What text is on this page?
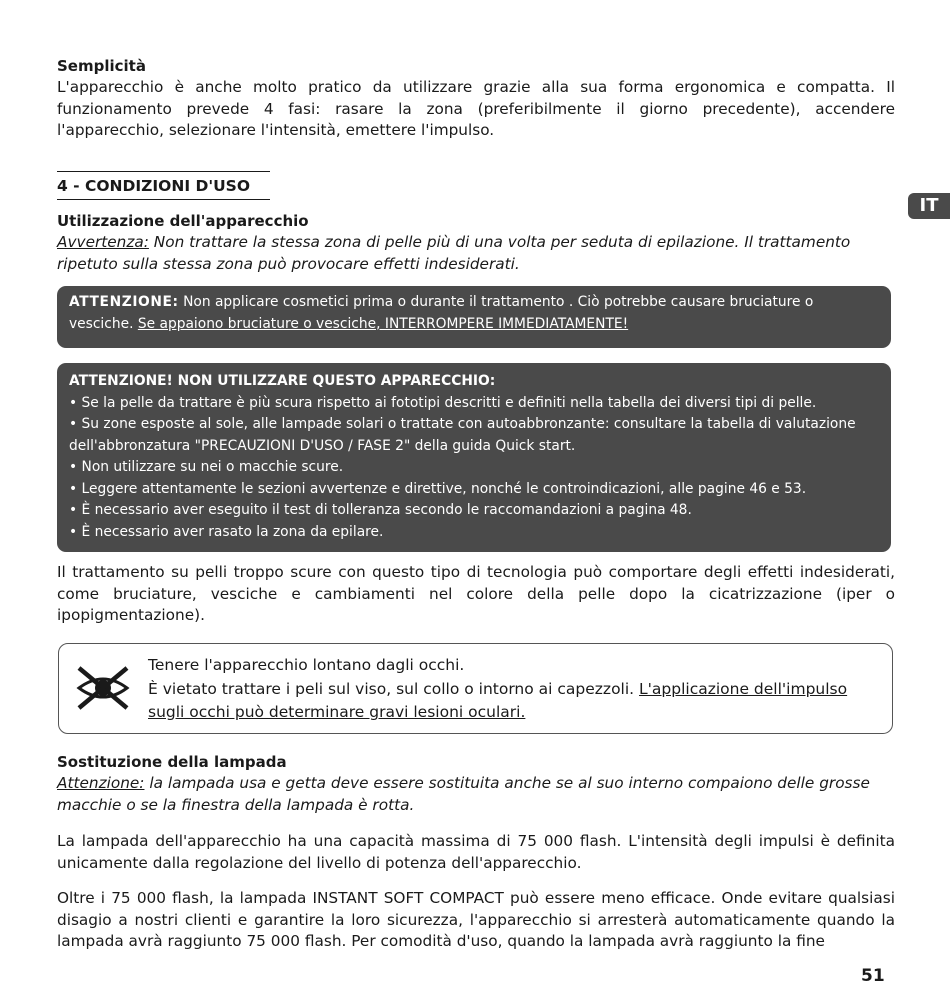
IT
Semplicità
L'apparecchio è anche molto pratico da utilizzare grazie alla sua forma ergonomica e compatta. Il funzionamento prevede 4 fasi: rasare la zona (preferibilmente il giorno precedente), accendere l'apparecchio, selezionare l'intensità, emettere l'impulso.
4 - CONDIZIONI D'USO
Utilizzazione dell'apparecchio
Avvertenza: Non trattare la stessa zona di pelle più di una volta per seduta di epilazione. Il trattamento ripetuto sulla stessa zona può provocare effetti indesiderati.
ATTENZIONE: Non applicare cosmetici prima o durante il trattamento . Ciò potrebbe causare bruciature o vesciche. Se appaiono bruciature o vesciche, INTERROMPERE IMMEDIATAMENTE!
ATTENZIONE! NON UTILIZZARE QUESTO APPARECCHIO:
• Se la pelle da trattare è più scura rispetto ai fototipi descritti e definiti nella tabella dei diversi tipi di pelle.
• Su zone esposte al sole, alle lampade solari o trattate con autoabbronzante: consultare la tabella di valutazione dell'abbronzatura "PRECAUZIONI D'USO / FASE 2" della guida Quick start.
• Non utilizzare su nei o macchie scure.
• Leggere attentamente le sezioni avvertenze e direttive, nonché le controindicazioni, alle pagine 46 e 53.
• È necessario aver eseguito il test di tolleranza secondo le raccomandazioni a pagina 48.
• È necessario aver rasato la zona da epilare.
Il trattamento su pelli troppo scure con questo tipo di tecnologia può comportare degli effetti indesiderati, come bruciature, vesciche e cambiamenti nel colore della pelle dopo la cicatrizzazione (iper o ipopigmentazione).
Tenere l'apparecchio lontano dagli occhi.
È vietato trattare i peli sul viso, sul collo o intorno ai capezzoli. L'applicazione dell'impulso sugli occhi può determinare gravi lesioni oculari.
Sostituzione della lampada
Attenzione: la lampada usa e getta deve essere sostituita anche se al suo interno compaiono delle grosse macchie o se la finestra della lampada è rotta.
La lampada dell'apparecchio ha una capacità massima di 75 000 flash. L'intensità degli impulsi è definita unicamente dalla regolazione del livello di potenza dell'apparecchio.
Oltre i 75 000 flash, la lampada INSTANT SOFT COMPACT può essere meno efficace. Onde evitare qualsiasi disagio a nostri clienti e garantire la loro sicurezza, l'apparecchio si arresterà automaticamente quando la lampada avrà raggiunto 75 000 flash. Per comodità d'uso, quando la lampada avrà raggiunto la fine
51
